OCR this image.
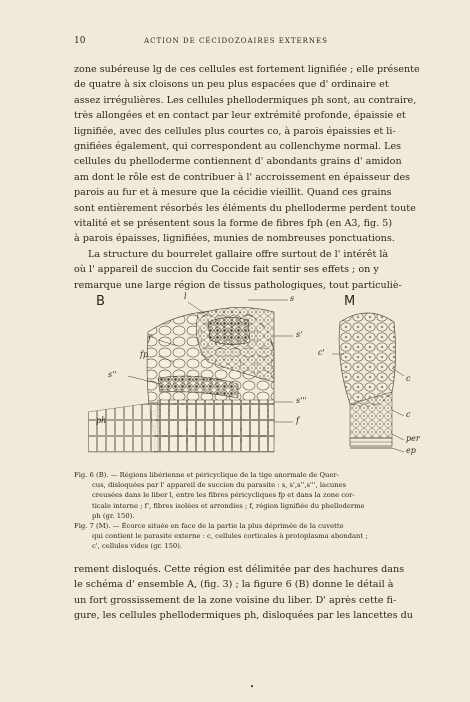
10	ACTION DE CÉCIDOZOAIRES EXTERNES
zone subéreuse lg de ces cellules est fortement lignifiée ; elle présente
de quatre à six cloisons un peu plus espacées que d' ordinaire et
assez irrégulières. Les cellules phellodermiques ph sont, au contraire,
très allongées et en contact par leur extrémité profonde, épaissie et
lignifiée, avec des cellules plus courtes co, à parois épaissies et li-
gnifiées également, qui correspondent au collenchyme normal. Les
cellules du phelloderme contiennent d' abondants grains d' amidon
am dont le rôle est de contribuer à l' accroissement en épaisseur des
parois au fur et à mesure que la cécidie vieillit. Quand ces grains
sont entièrement résorbés les éléments du phelloderme perdent toute
vitalité et se présentent sous la forme de fibres fph (en A3, fig. 5)
à parois épaisses, lignifiées, munies de nombreuses ponctuations.
La structure du bourrelet gallaire offre surtout de l' intérêt là
où l' appareil de succion du Coccide fait sentir ses effets ; on y
remarque une large région de tissus pathologiques, tout particuliè-
B	M
l	s
s'
f'
fp
s''
s'''
ph	f
c'
c
c
per
ep
Fig. 6 (B). — Régions libérienne et péricyclique de la tige anormale de Quer-
cus, disloquées par l' appareil de succion du parasite : s, s',s'',s''', lacunes
creusées dans le liber l, entre les fibres péricycliques fp et dans la zone cor-
ticale interne ; f', fibres isolées et arrondies ; f, région lignifiée du phelloderme
ph (gr. 150).
Fig. 7 (M). — Écorce située en face de la partie la plus déprimée de la cuvette
qui contient le parasite externe : c, cellules corticales à protoplasma abondant ;
c', cellules vides (gr. 150).
rement disloqués. Cette région est délimitée par des hachures dans
le schéma d' ensemble A, (fig. 3) ; la figure 6 (B) donne le détail à
un fort grossissement de la zone voisine du liber. D' après cette fi-
gure, les cellules phellodermiques ph, disloquées par les lancettes du
•
